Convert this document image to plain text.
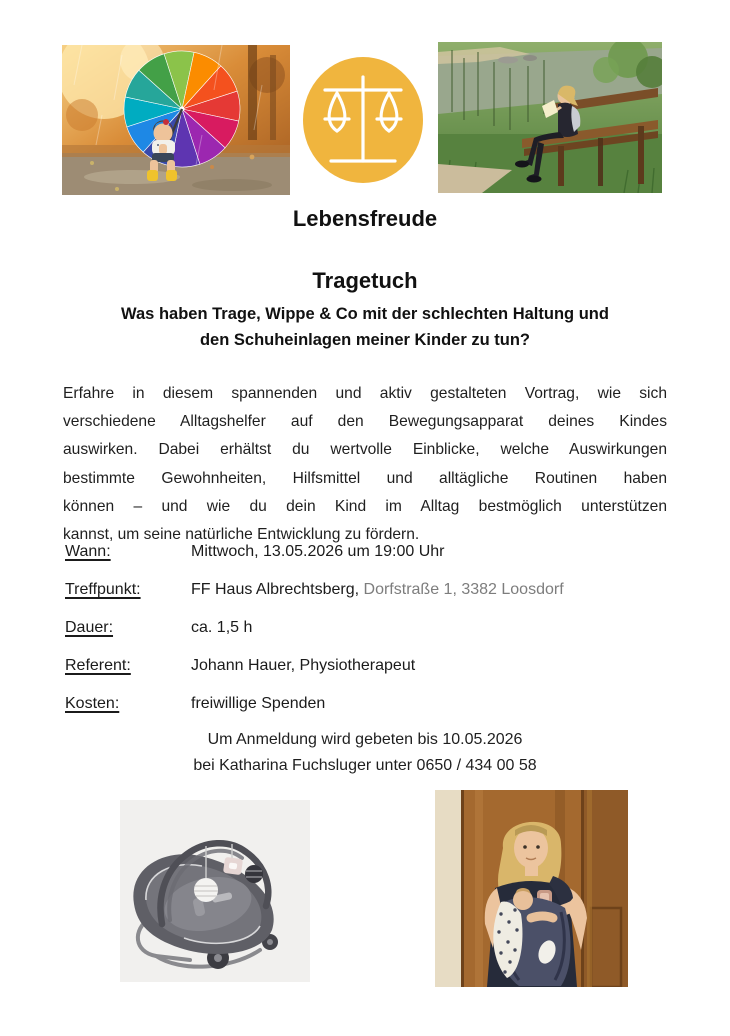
Lebensfreude
Tragetuch
Was haben Trage, Wippe & Co mit der schlechten Haltung und
den Schuheinlagen meiner Kinder zu tun?
Erfahre in diesem spannenden und aktiv gestalteten Vortrag, wie sich
verschiedene Alltagshelfer auf den Bewegungsapparat deines Kindes
auswirken. Dabei erhältst du wertvolle Einblicke, welche Auswirkungen
bestimmte Gewohnheiten, Hilfsmittel und alltägliche Routinen haben
können – und wie du dein Kind im Alltag bestmöglich unterstützen
kannst, um seine natürliche Entwicklung zu fördern.
Wann:	Mittwoch, 13.05.2026 um 19:00 Uhr
Treffpunkt:	FF Haus Albrechtsberg, Dorfstraße 1, 3382 Loosdorf
Dauer:	ca. 1,5 h
Referent:	Johann Hauer, Physiotherapeut
Kosten:	freiwillige Spenden
Um Anmeldung wird gebeten bis 10.05.2026
bei Katharina Fuchsluger unter 0650 / 434 00 58
